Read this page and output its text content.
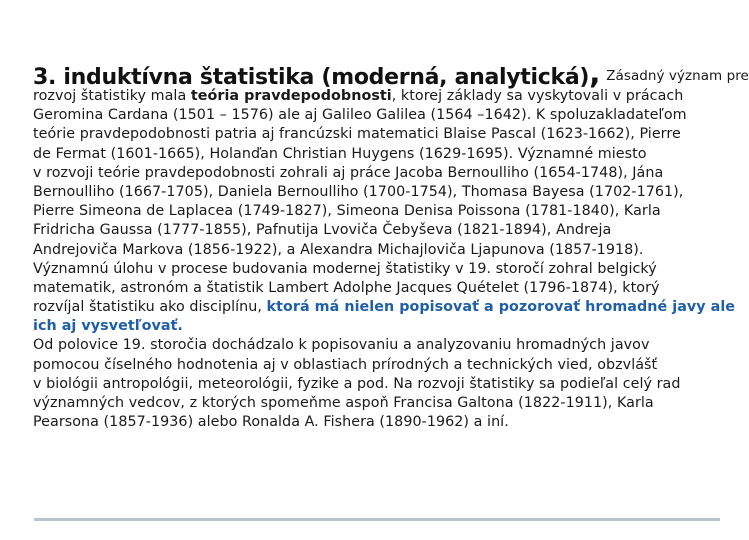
3. induktívna štatistika (moderná, analytická) , Zásadný význam pre
rozvoj štatistiky mala teória pravdepodobnosti, ktorej základy sa vyskytovali v prácach
Geromina Cardana (1501 – 1576) ale aj Galileo Galilea (1564 –1642). K spoluzakladateľom
teórie pravdepodobnosti patria aj francúzski matematici Blaise Pascal (1623-1662), Pierre
de Fermat (1601-1665), Holanďan Christian Huygens (1629-1695). Významné miesto
v rozvoji teórie pravdepodobnosti zohrali aj práce Jacoba Bernoulliho (1654-1748), Jána
Bernoulliho (1667-1705), Daniela Bernoulliho (1700-1754), Thomasa Bayesa (1702-1761),
Pierre Simeona de Laplacea (1749-1827), Simeona Denisa Poissona (1781-1840), Karla
Fridricha Gaussa (1777-1855), Pafnutija Lvoviča Čebyševa (1821-1894), Andreja
Andrejoviča Markova (1856-1922), a Alexandra Michajloviča Ljapunova (1857-1918).
Významnú úlohu v procese budovania modernej štatistiky v 19. storočí zohral belgický
matematik, astronóm a štatistik Lambert Adolphe Jacques Quételet (1796-1874), ktorý
rozvíjal štatistiku ako disciplínu, ktorá má nielen popisovať a pozorovať hromadné javy ale
ich aj vysvetľovať.
Od polovice 19. storočia dochádzalo k popisovaniu a analyzovaniu hromadných javov
pomocou číselného hodnotenia aj v oblastiach prírodných a technických vied, obzvlášť
v biológii antropológii, meteorológii, fyzike a pod. Na rozvoji štatistiky sa podieľal celý rad
významných vedcov, z ktorých spomeňme aspoň Francisa Galtona (1822-1911), Karla
Pearsona (1857-1936) alebo Ronalda A. Fishera (1890-1962) a iní.
